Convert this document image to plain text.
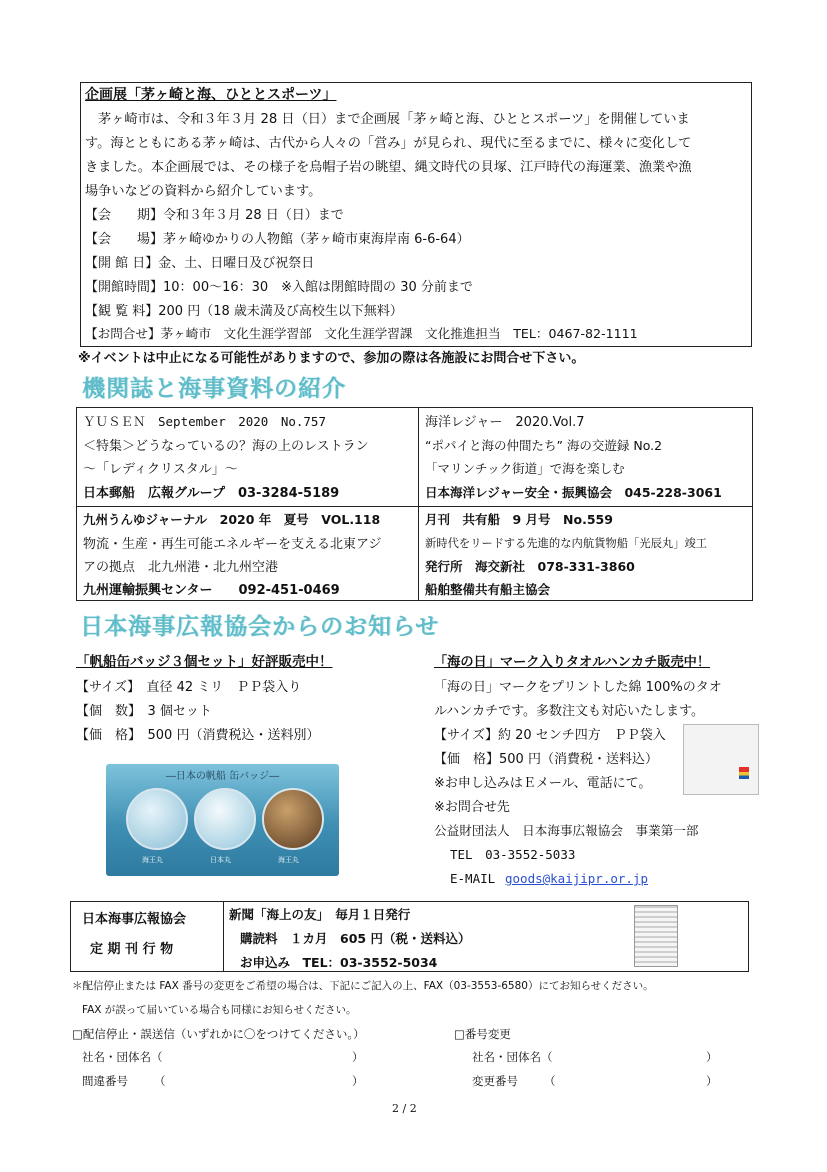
企画展「茅ヶ崎と海、ひととスポーツ」
茅ヶ崎市は、令和３年３月 28 日（日）まで企画展「茅ヶ崎と海、ひととスポーツ」を開催していま
す。海とともにある茅ヶ崎は、古代から人々の「営み」が見られ、現代に至るまでに、様々に変化して
きました。本企画展では、その様子を烏帽子岩の眺望、縄文時代の貝塚、江戸時代の海運業、漁業や漁
場争いなどの資料から紹介しています。
【会　　期】令和３年３月 28 日（日）まで
【会　　場】茅ヶ崎ゆかりの人物館（茅ヶ崎市東海岸南 6-6-64）
【開 館 日】金、土、日曜日及び祝祭日
【開館時間】10：00～16：30　※入館は閉館時間の 30 分前まで
【観 覧 料】200 円（18 歳未満及び高校生以下無料）
【お問合せ】茅ヶ崎市　文化生涯学習部　文化生涯学習課　文化推進担当　TEL：0467-82-1111
※イベントは中止になる可能性がありますので、参加の際は各施設にお問合せ下さい。
機関誌と海事資料の紹介
ＹＵＳＥＮ　September　2020　No.757
＜特集＞どうなっているの？海の上のレストラン
～「レディクリスタル」～
日本郵船　広報グループ　03-3284-5189
海洋レジャー　2020.Vol.7
“ポパイと海の仲間たち” 海の交遊録 No.2
「マリンチック街道」で海を楽しむ
日本海洋レジャー安全・振興協会　045-228-3061
九州うんゆジャーナル　2020 年　夏号　VOL.118
物流・生産・再生可能エネルギーを支える北東アジ
アの拠点　北九州港・北九州空港
九州運輸振興センター　　092-451-0469
月刊　共有船　9 月号　No.559
新時代をリードする先進的な内航貨物船「光辰丸」竣工
発行所　海交新社　078-331-3860
船舶整備共有船主協会
日本海事広報協会からのお知らせ
「帆船缶バッジ３個セット」好評販売中！
【サイズ】　直径 42 ミリ　ＰＰ袋入り
【個　数】　3 個セット
【価　格】　500 円（消費税込・送料別）
―日本の帆船 缶バッジ―
海王丸	日本丸	海王丸
「海の日」マーク入りタオルハンカチ販売中！
「海の日」マークをプリントした綿 100%のタオ
ルハンカチです。多数注文も対応いたします。
【サイズ】約 20 センチ四方　ＰＰ袋入
【価　格】500 円（消費税・送料込）
※お申し込みはＥメール、電話にて。
※お問合せ先
公益財団法人　日本海事広報協会　事業第一部
TEL　03-3552-5033
E-MAIL goods@kaijipr.or.jp
日本海事広報協会
定 期 刊 行 物
新聞「海上の友」　毎月１日発行
購読料　１カ月　605 円（税・送料込）
お申込み　TEL：03-3552-5034
＊配信停止または FAX 番号の変更をご希望の場合は、下記にご記入の上、FAX（03-3553-6580）にてお知らせください。
FAX が誤って届いている場合も同様にお知らせください。
□配信停止・誤送信（いずれかに〇をつけてください。）	□番号変更
社名・団体名（	）
間違番号 （	）
社名・団体名（	）
変更番号 （	）
2 / 2
